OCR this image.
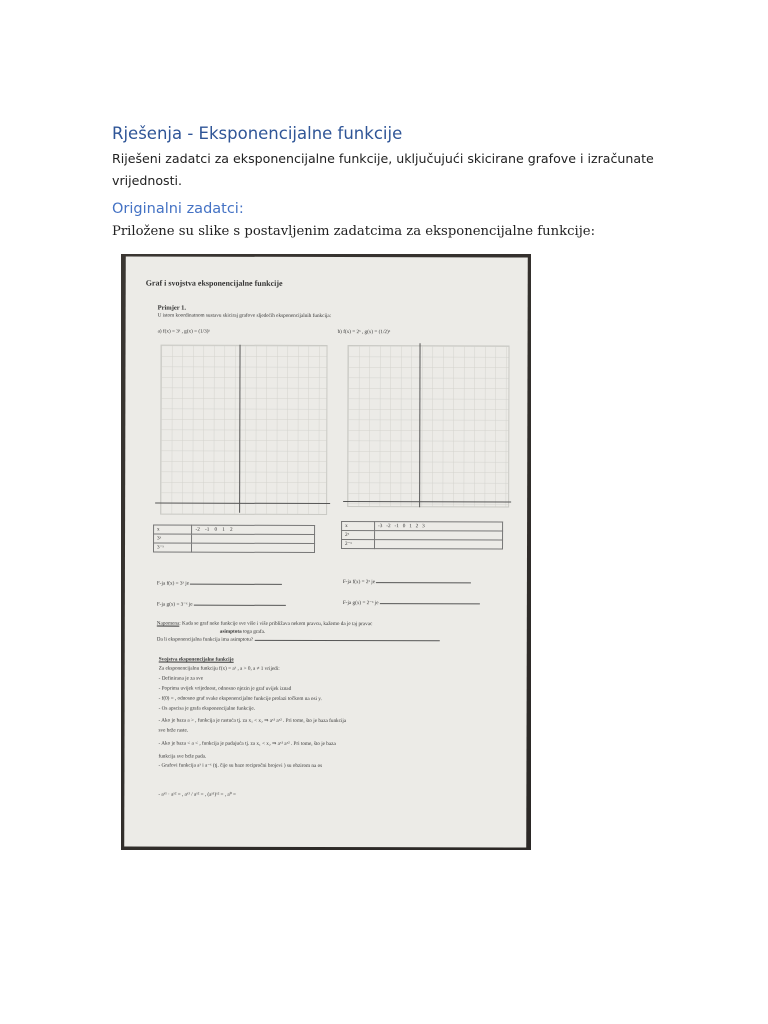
Rješenja - Eksponencijalne funkcije

Riješeni zadatci za eksponencijalne funkcije, uključujući skicirane grafove i izračunate vrijednosti.

Originalni zadatci:

Priložene su slike s postavljenim zadatcima za eksponencijalne funkcije:

Graf i svojstva eksponencijalne funkcije
Primjer 1.
U istom koordinatnom sustavu skiciraj grafove sljedećih eksponencijalnih funkcija:
a) f(x) = 3ˣ , g(x) = (1/3)ˣ	b) f(x) = 2ˣ , g(x) = (1/2)ˣ
x	-2 -1 0 1 2
3ˣ	
3⁻ˣ	
x	-3 -2 -1 0 1 2 3
2ˣ	
2⁻ˣ	
F-ja f(x) = 3ˣ je	F-ja f(x) = 2ˣ je
F-ja g(x) = 3⁻ˣ je	F-ja g(x) = 2⁻ˣ je
Napomena: Kada se graf neke funkcije sve više i više približava nekom pravcu, kažemo da je taj pravac
asimptota toga grafa.
Da li eksponencijalna funkcija ima asimptotu?
Svojstva eksponencijalne funkcije
Za eksponencijalnu funkciju f(x) = aˣ , a > 0, a ≠ 1 vrijedi:
- Definirana je za sve
- Poprima uvijek vrijednost, odnosno njezin je graf uvijek iznad
- f(0) = , odnosno graf svake eksponencijalne funkcije prolazi točkom na osi y.
- Os apscisa je grafa eksponencijalne funkcije.
- Ako je baza a > , funkcija je rastuća tj. za x₁ < x₂ ⇒ aˣ¹ aˣ² . Pri tome, što je baza funkcija
sve brže raste.
- Ako je baza < a < , funkcija je padajuća tj. za x₁ < x₂ ⇒ aˣ¹ aˣ² . Pri tome, što je baza
funkcija sve brže pada.
- Grafovi funkcija aˣ i a⁻ˣ (tj. čije su baze recipročni brojevi ) su obzirom na os
- aˣ¹ · aˣ² = , aˣ¹ / aˣ² = , (aˣ¹)ˣ² = , a⁰ =
